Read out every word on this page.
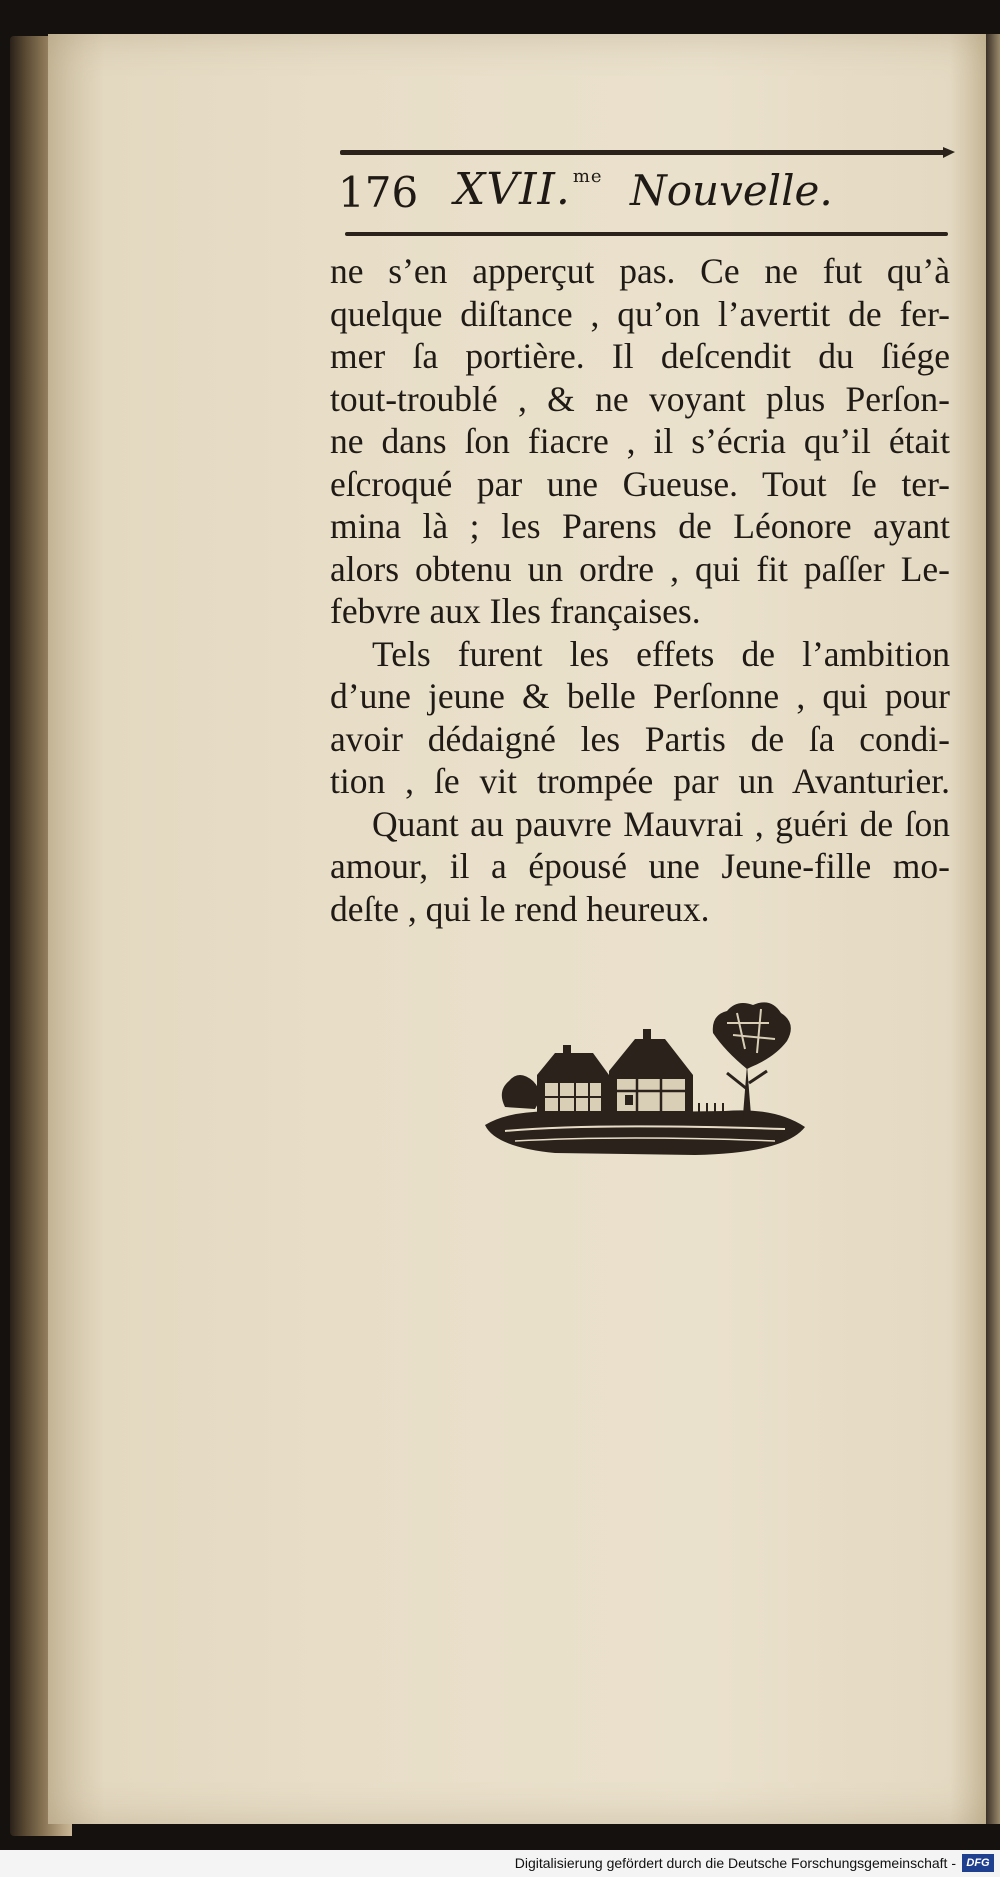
176 XVII. $^{me}$ Nouvelle.
ne s’en apperçut pas. Ce ne fut qu’à
quelque diſtance , qu’on l’avertit de fer-
mer ſa portière. Il deſcendit du ſiége
tout-troublé , & ne voyant plus Perſon-
ne dans ſon fiacre , il s’écria qu’il était
eſcroqué par une Gueuse. Tout ſe ter-
mina là ; les Parens de Léonore ayant
alors obtenu un ordre , qui fit paſſer Le-
febvre aux Iles françaises.
Tels furent les effets de l’ambition
d’une jeune & belle Perſonne , qui pour
avoir dédaigné les Partis de ſa condi-
tion , ſe vit trompée par un Avanturier.
Quant au pauvre Mauvrai , guéri de ſon
amour, il a épousé une Jeune-fille mo-
deſte , qui le rend heureux.
Digitalisierung gefördert durch die Deutsche Forschungsgemeinschaft - DFG
